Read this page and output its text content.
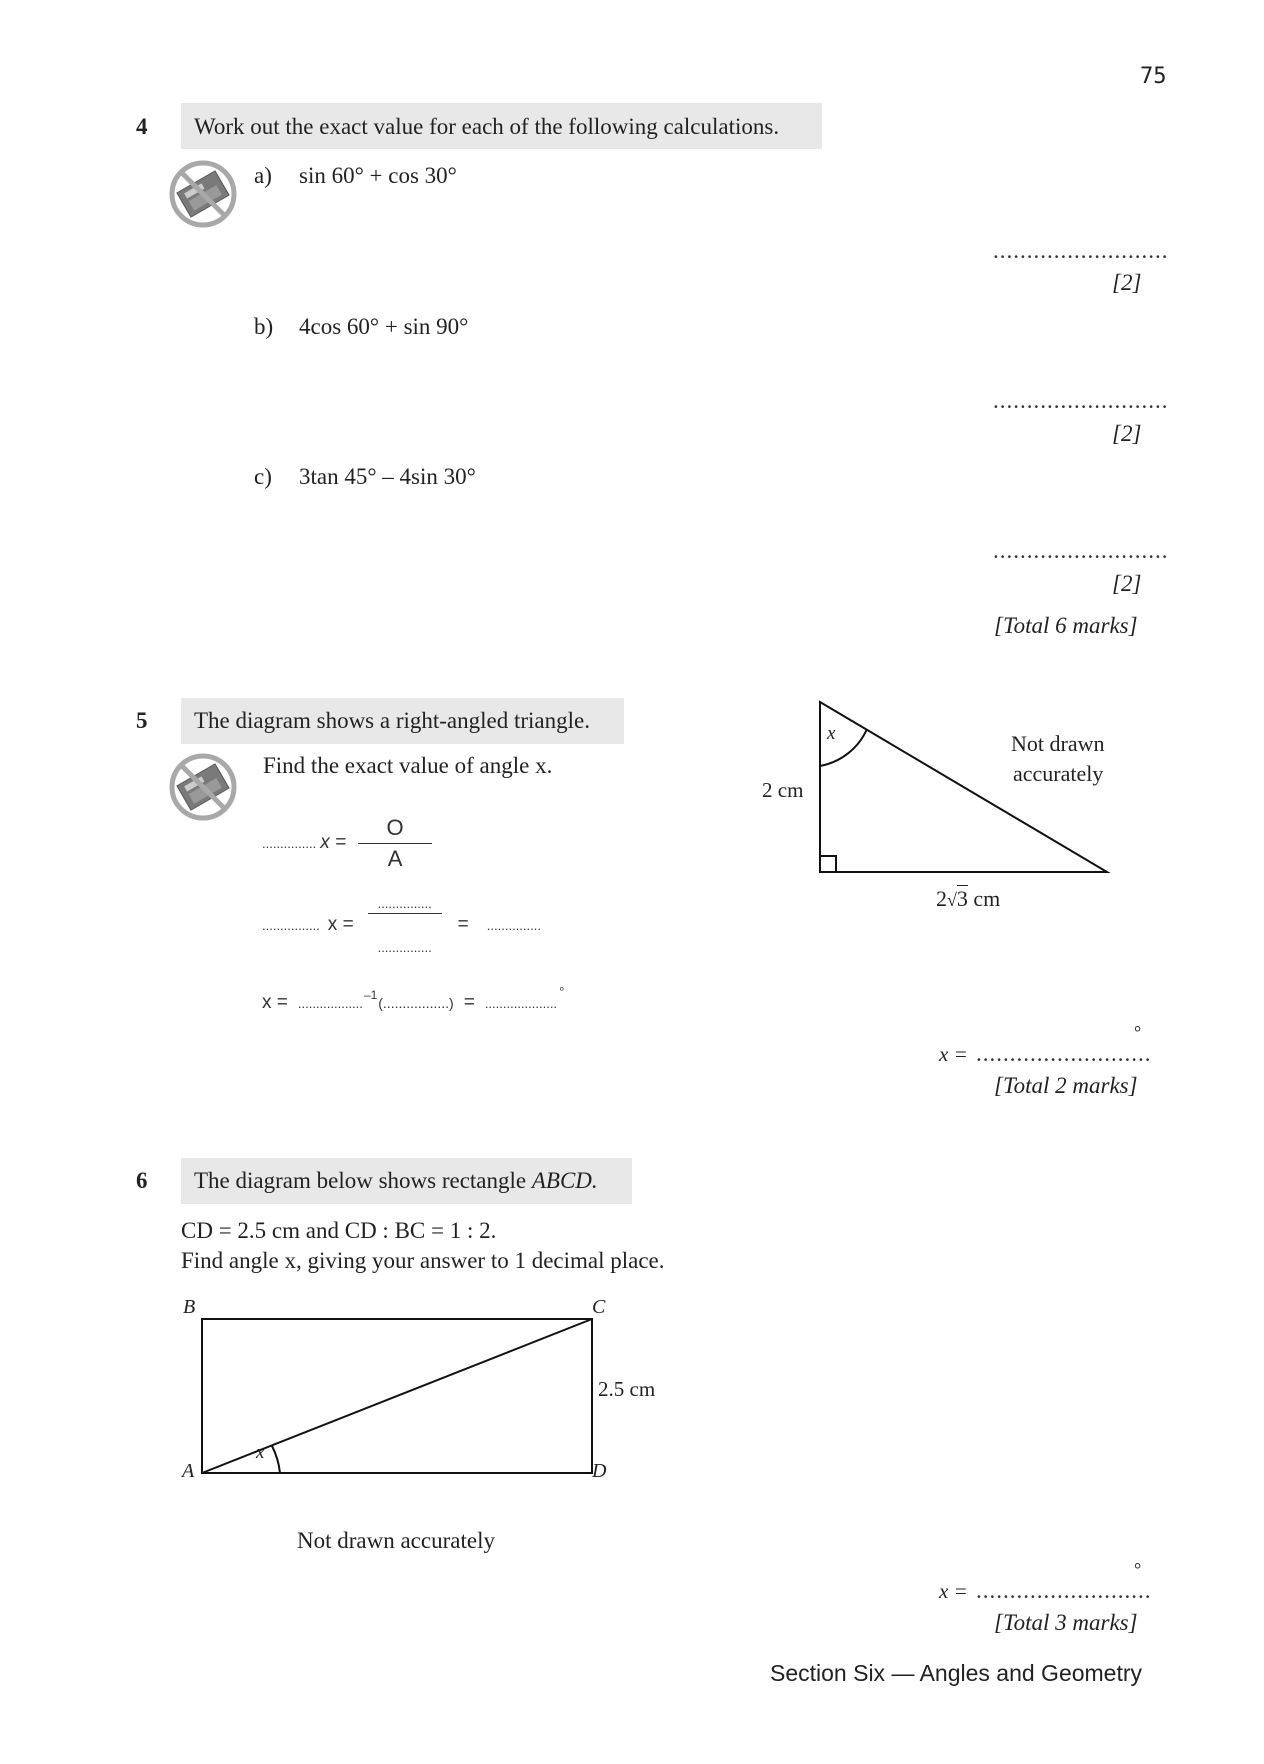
75
4 Work out the exact value for each of the following calculations.
a) sin 60° + cos 30°
..........................
[2]
b) 4cos 60° + sin 90°
..........................
[2]
c) 3tan 45° – 4sin 30°
..........................
[2]
[Total 6 marks]
5 The diagram shows a right-angled triangle.
Find the exact value of angle x.
............... $x = \frac{O}{A}$
................ $x = \frac{...............}{...............}$ = ...............
x = ..................
–1 (.................) = ....................
°
x
2 cm
Not drawn
accurately
2√3 cm
°
x = ..........................
[Total 2 marks]
6 The diagram below shows rectangle ABCD.
CD = 2.5 cm and CD : BC = 1 : 2.
Find angle x, giving your answer to 1 decimal place.
B	C
A	D
2.5 cm
x
Not drawn accurately
°
x = ..........................
[Total 3 marks]
Section Six — Angles and Geometry
